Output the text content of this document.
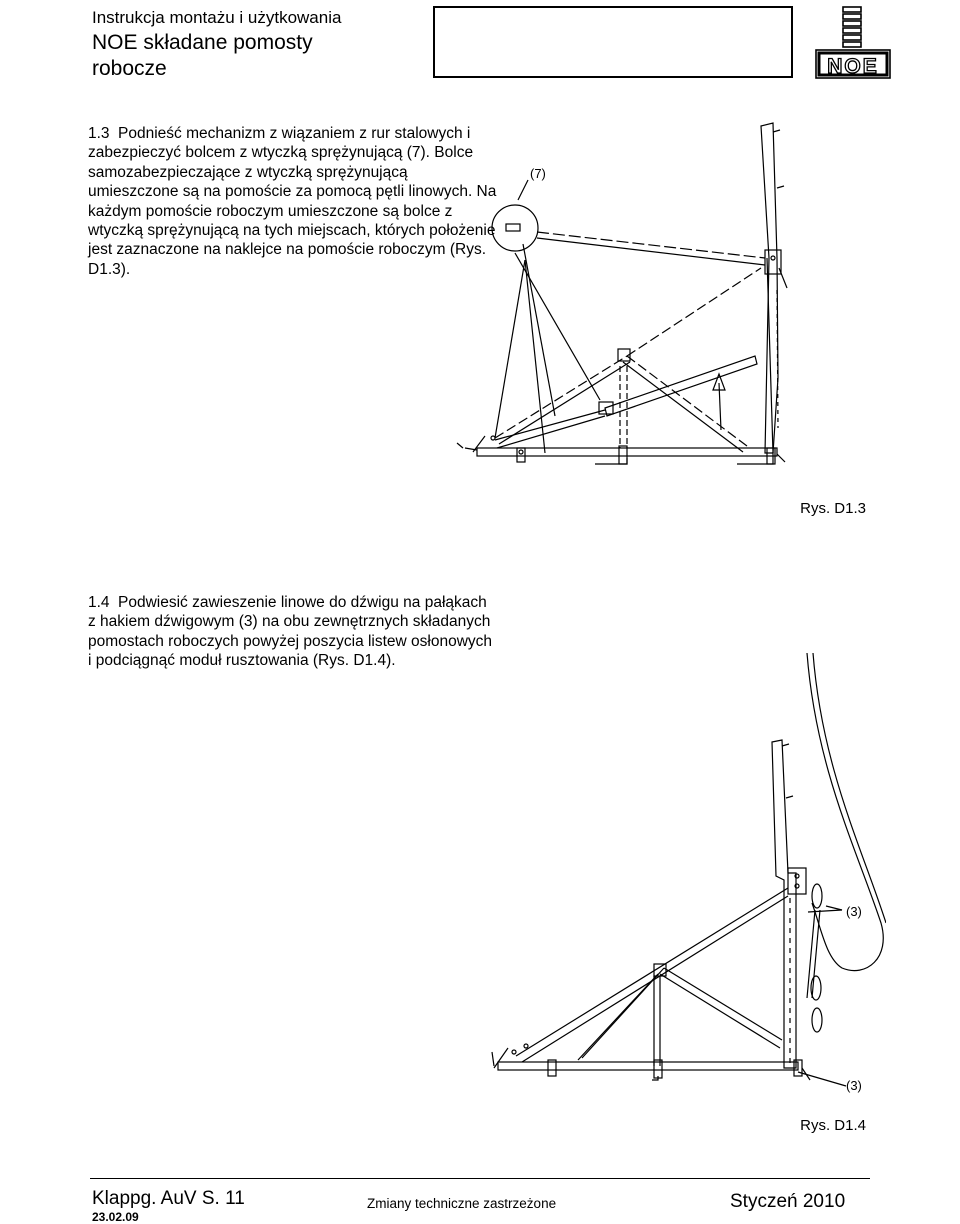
Instrukcja montażu i użytkowania
NOE składane pomosty
robocze	NOE
1.3 Podnieść mechanizm z wiązaniem z rur stalowych i zabezpieczyć bolcem z wtyczką sprężynującą (7). Bolce samozabezpieczające z wtyczką sprężynującą umieszczone są na pomoście za pomocą pętli linowych. Na każdym pomoście roboczym umieszczone są bolce z wtyczką sprężynującą na tych miejscach, których położenie jest zaznaczone na naklejce na pomoście roboczym (Rys. D1.3).
(7)
Rys. D1.3
1.4 Podwiesić zawieszenie linowe do dźwigu na pałąkach z hakiem dźwigowym (3) na obu zewnętrznych składanych pomostach roboczych powyżej poszycia listew osłonowych i podciągnąć moduł rusztowania (Rys. D1.4).
(3)
(3)
Rys. D1.4
Klappg. AuV S. 11
23.02.09
Zmiany techniczne zastrzeżone	Styczeń 2010
